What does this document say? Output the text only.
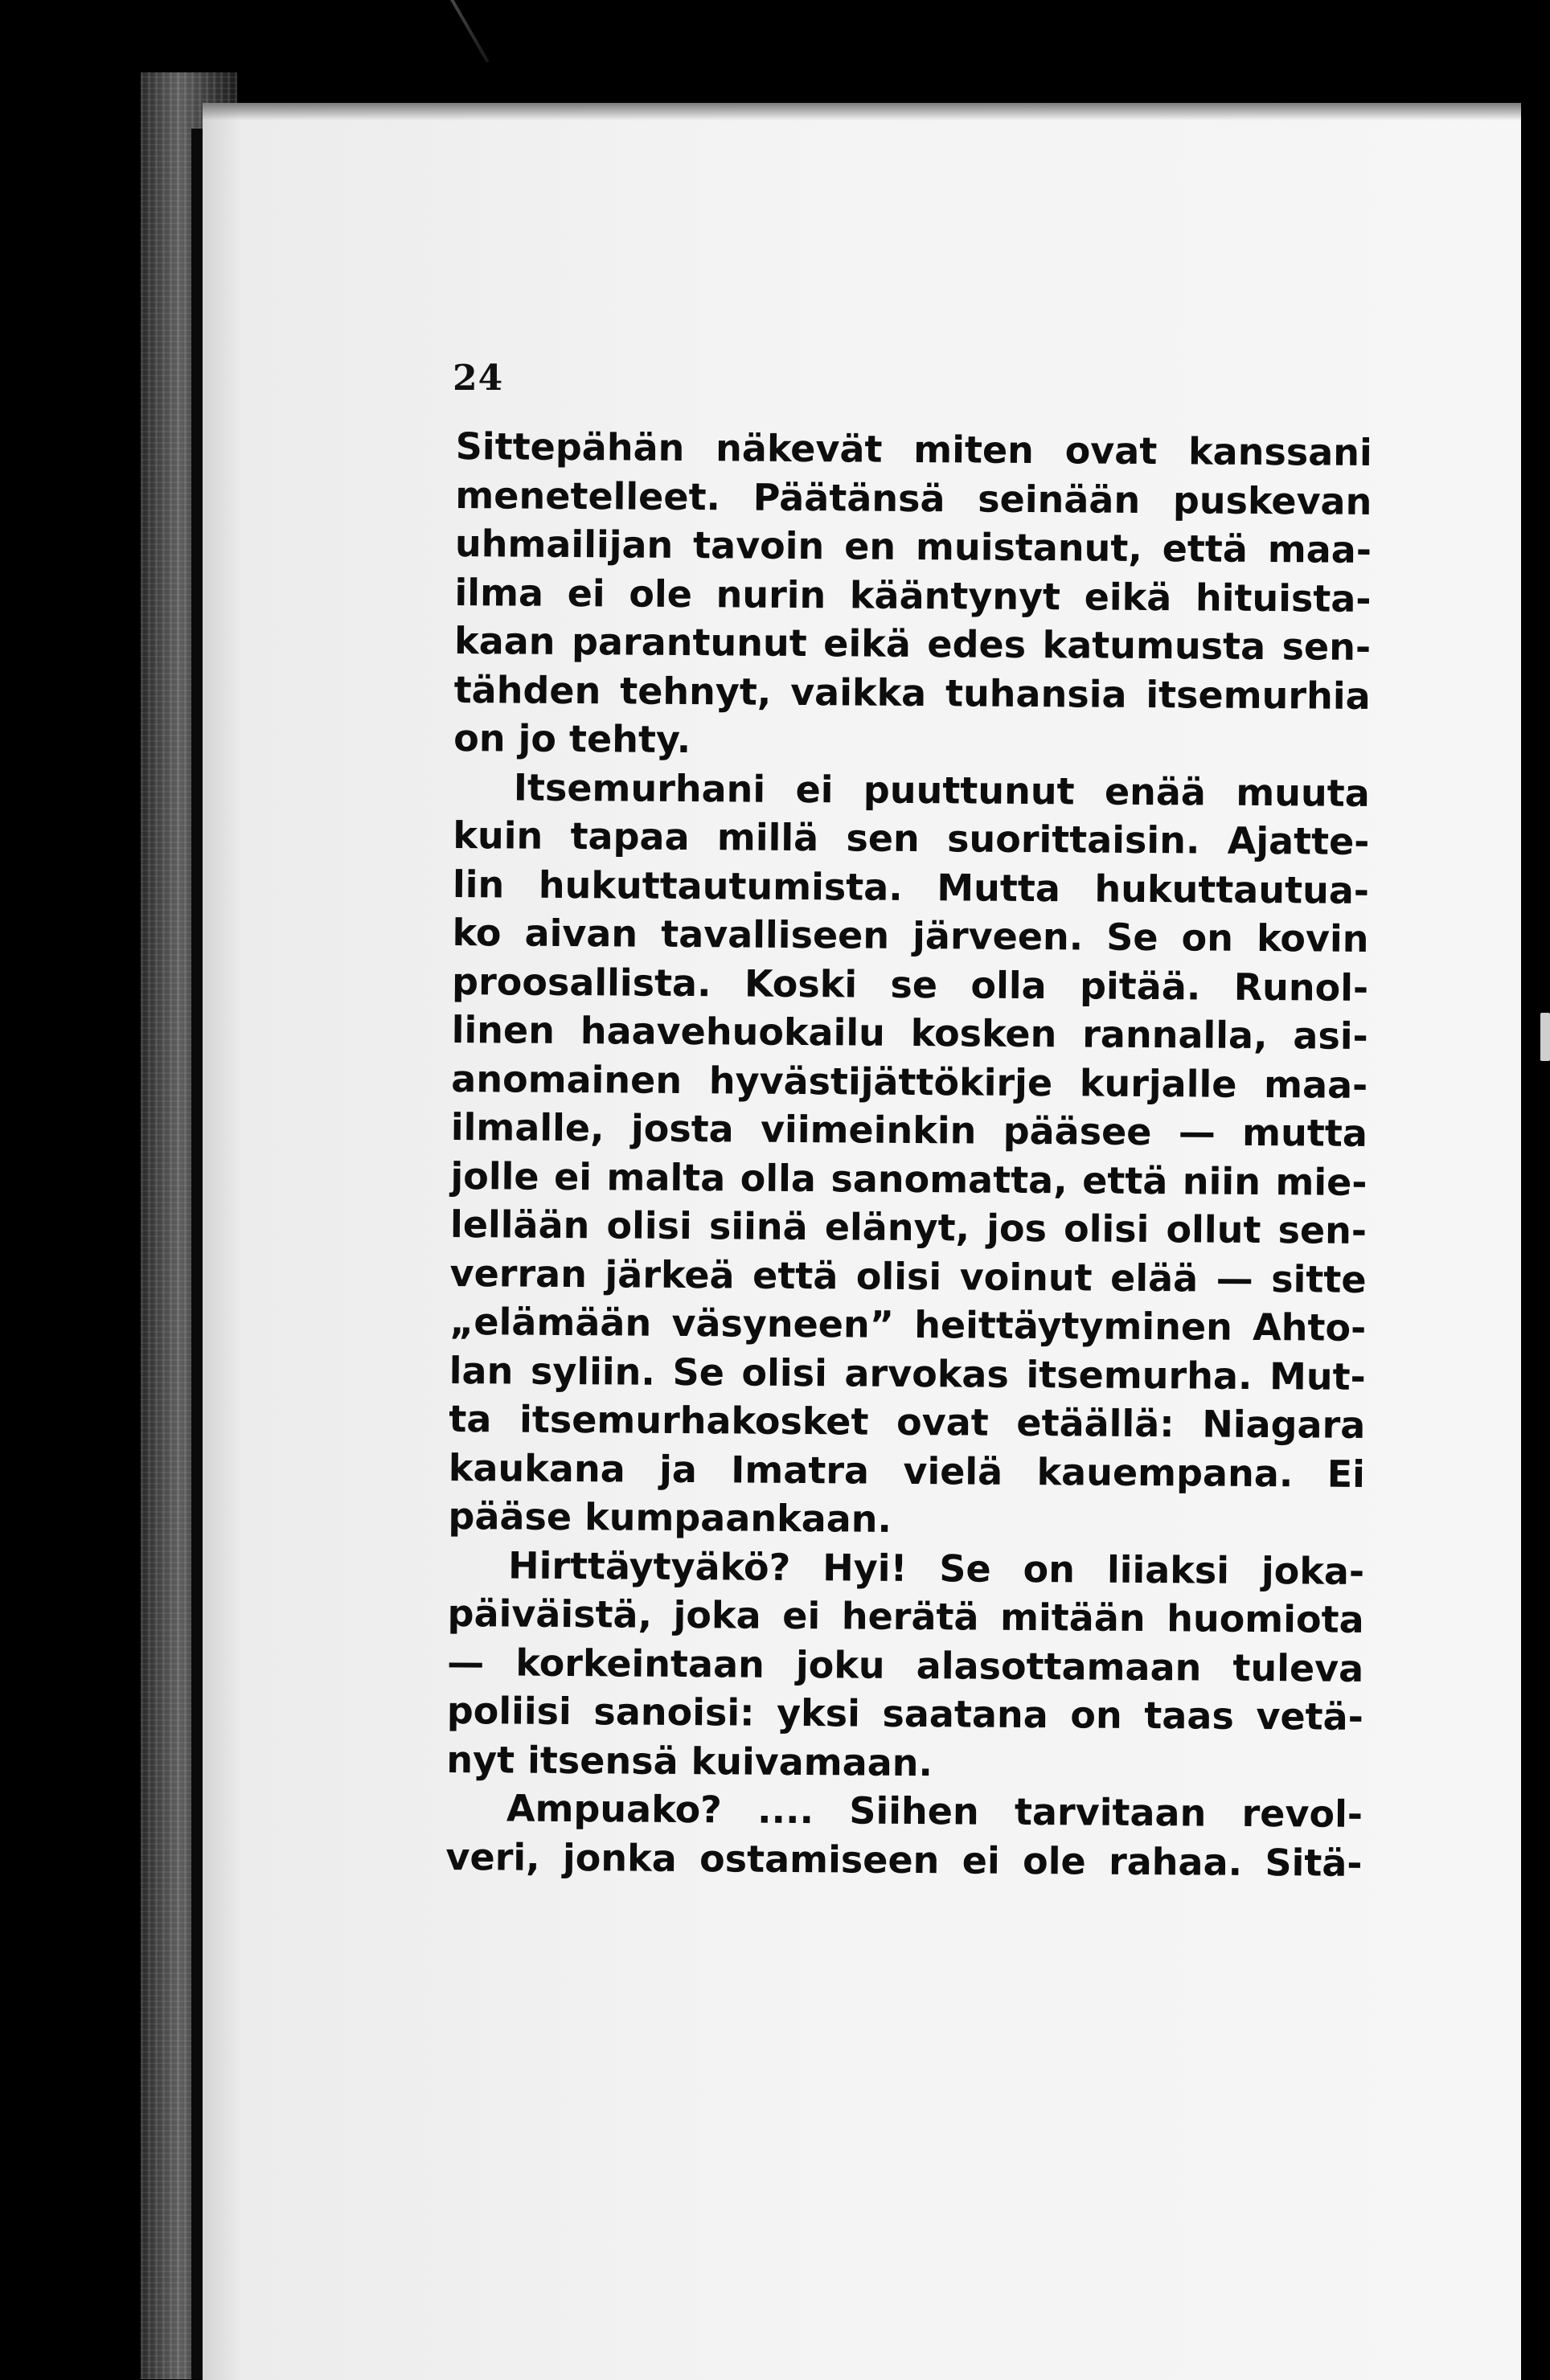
24
Sittepähän näkevät miten ovat kanssani
menetelleet. Päätänsä seinään puskevan
uhmailijan tavoin en muistanut, että maa-
ilma ei ole nurin kääntynyt eikä hituista-
kaan parantunut eikä edes katumusta sen-
tähden tehnyt, vaikka tuhansia itsemurhia
on jo tehty.
Itsemurhani ei puuttunut enää muuta
kuin tapaa millä sen suorittaisin. Ajatte-
lin hukuttautumista. Mutta hukuttautua-
ko aivan tavalliseen järveen. Se on kovin
proosallista. Koski se olla pitää. Runol-
linen haavehuokailu kosken rannalla, asi-
anomainen hyvästijättökirje kurjalle maa-
ilmalle, josta viimeinkin pääsee — mutta
jolle ei malta olla sanomatta, että niin mie-
lellään olisi siinä elänyt, jos olisi ollut sen-
verran järkeä että olisi voinut elää — sitte
„elämään väsyneen” heittäytyminen Ahto-
lan syliin. Se olisi arvokas itsemurha. Mut-
ta itsemurhakosket ovat etäällä: Niagara
kaukana ja Imatra vielä kauempana. Ei
pääse kumpaankaan.
Hirttäytyäkö? Hyi! Se on liiaksi joka-
päiväistä, joka ei herätä mitään huomiota
— korkeintaan joku alasottamaan tuleva
poliisi sanoisi: yksi saatana on taas vetä-
nyt itsensä kuivamaan.
Ampuako? .... Siihen tarvitaan revol-
veri, jonka ostamiseen ei ole rahaa. Sitä-
